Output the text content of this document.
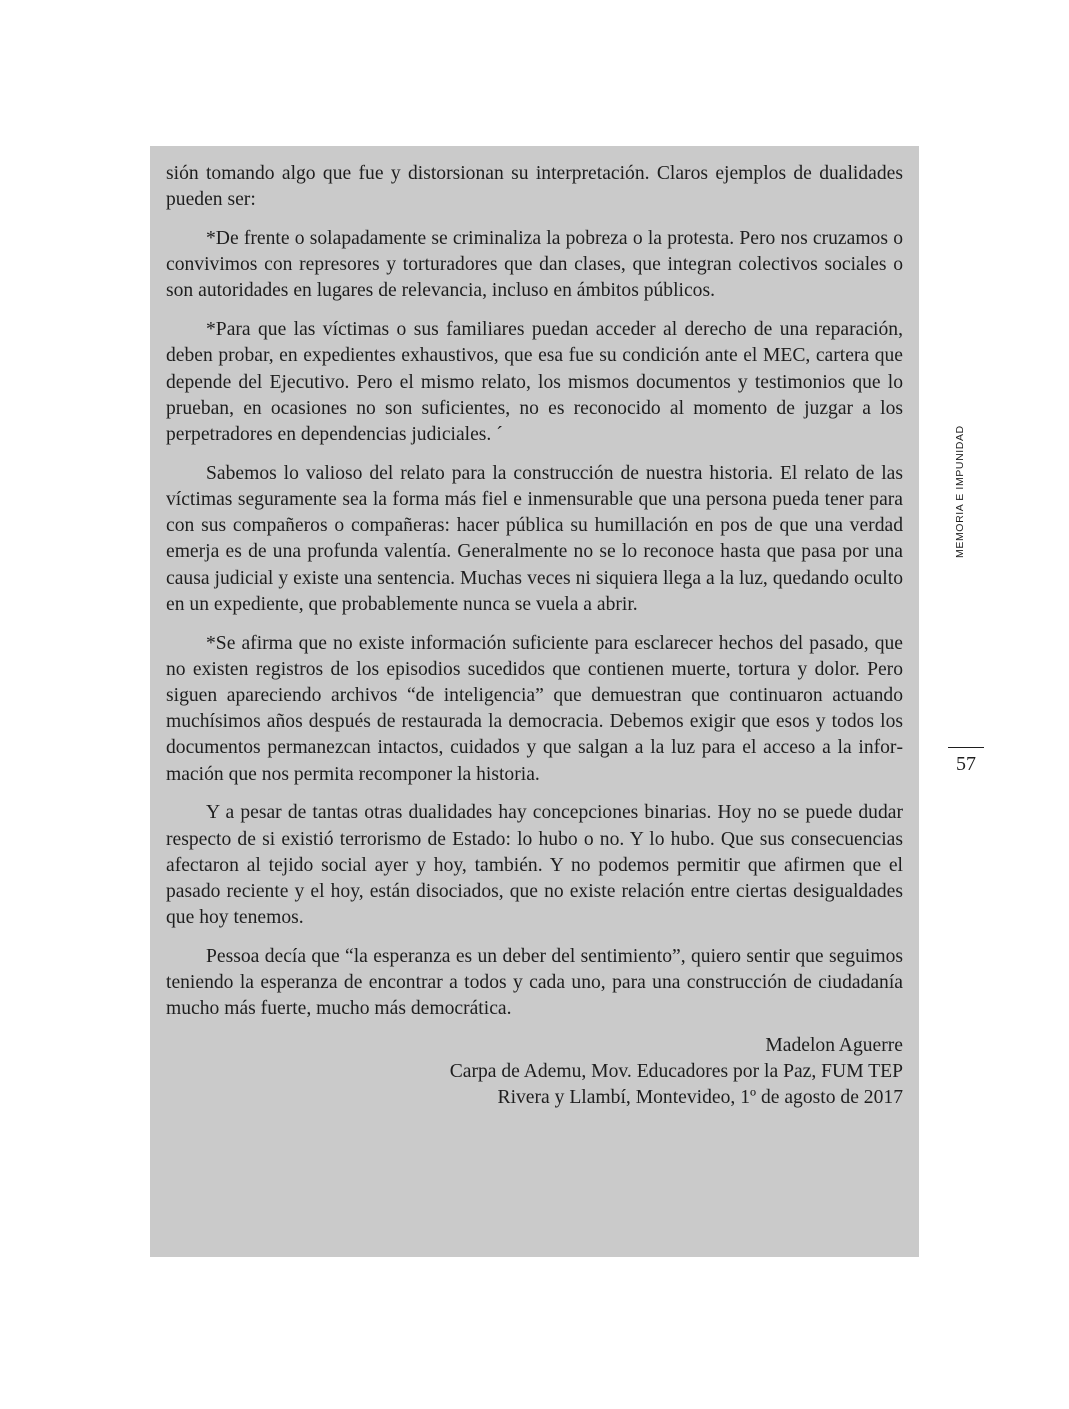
sión tomando algo que fue y distorsionan su interpretación. Claros ejemplos de dualidades pueden ser:

*De frente o solapadamente se criminaliza la pobreza o la protesta. Pero nos cruzamos o convivimos con represores y torturadores que dan clases, que integran colectivos sociales o son autoridades en lugares de relevancia, incluso en ámbitos públicos.

*Para que las víctimas o sus familiares puedan acceder al derecho de una reparación, deben probar, en expedientes exhaustivos, que esa fue su condición ante el MEC, cartera que depende del Ejecutivo. Pero el mismo relato, los mismos documentos y testimonios que lo prueban, en ocasiones no son suficientes, no es reconocido al momento de juzgar a los perpetradores en dependencias judiciales. ´

Sabemos lo valioso del relato para la construcción de nuestra historia. El relato de las víctimas seguramente sea la forma más fiel e inmensurable que una persona pueda tener para con sus compañeros o compañeras: hacer pública su humillación en pos de que una verdad emerja es de una profunda valentía. Generalmente no se lo reconoce hasta que pasa por una causa judicial y existe una sentencia. Muchas veces ni siquiera llega a la luz, quedando oculto en un expediente, que probablemente nunca se vuela a abrir.

*Se afirma que no existe información suficiente para esclarecer hechos del pasado, que no existen registros de los episodios sucedidos que contienen muerte, tortura y dolor. Pero siguen apareciendo archivos “de inteligencia” que demuestran que continuaron actuando muchísimos años después de restaurada la democracia. Debemos exigir que esos y todos los documentos permanezcan intactos, cuidados y que salgan a la luz para el acceso a la información que nos permita recomponer la historia.

Y a pesar de tantas otras dualidades hay concepciones binarias. Hoy no se puede dudar respecto de si existió terrorismo de Estado: lo hubo o no. Y lo hubo. Que sus consecuencias afectaron al tejido social ayer y hoy, también. Y no podemos permitir que afirmen que el pasado reciente y el hoy, están disociados, que no existe relación entre ciertas desigualdades que hoy tenemos.

Pessoa decía que “la esperanza es un deber del sentimiento”, quiero sentir que seguimos teniendo la esperanza de encontrar a todos y cada uno, para una construcción de ciudadanía mucho más fuerte, mucho más democrática.

Madelon Aguerre
Carpa de Ademu, Mov. Educadores por la Paz, FUM TEP
Rivera y Llambí, Montevideo, 1º de agosto de 2017
MEMORIA E IMPUNIDAD
57
